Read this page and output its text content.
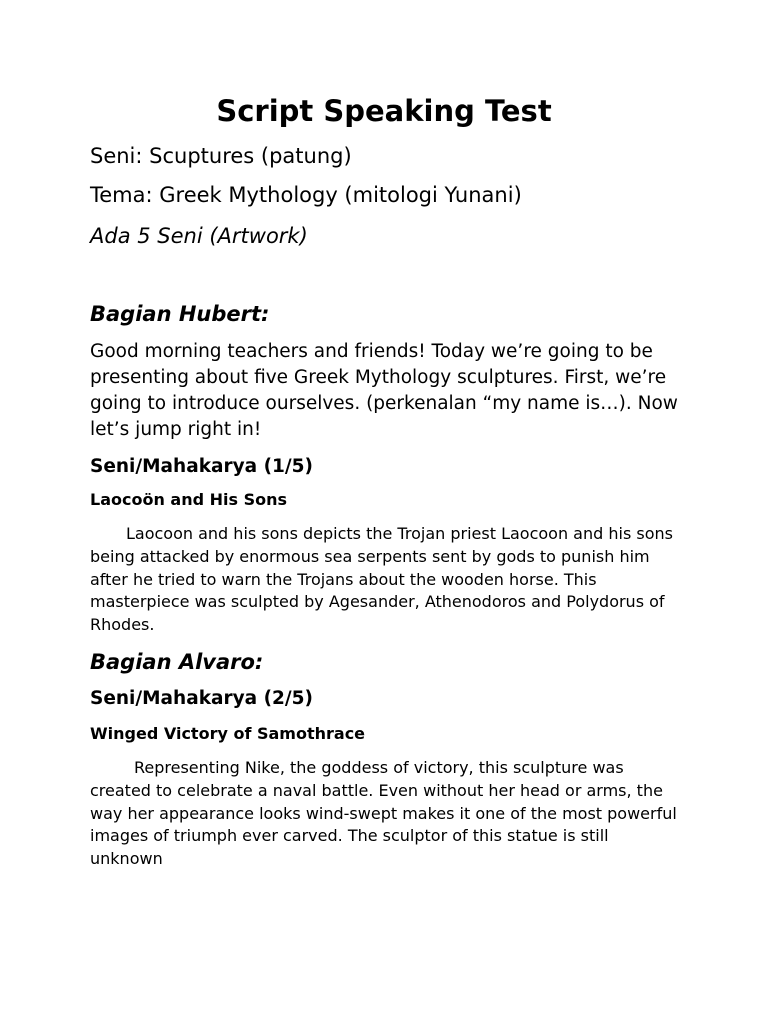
Script Speaking Test
Seni: Scuptures (patung)
Tema: Greek Mythology (mitologi Yunani)
Ada 5 Seni (Artwork)
Bagian Hubert:

Good morning teachers and friends! Today we’re going to be presenting about five Greek Mythology sculptures. First, we’re going to introduce ourselves. (perkenalan “my name is…). Now let’s jump right in!

Seni/Mahakarya (1/5)
Laocoön and His Sons

Laocoon and his sons depicts the Trojan priest Laocoon and his sons being attacked by enormous sea serpents sent by gods to punish him after he tried to warn the Trojans about the wooden horse. This masterpiece was sculpted by Agesander, Athenodoros and Polydorus of Rhodes.

Bagian Alvaro:
Seni/Mahakarya (2/5)
Winged Victory of Samothrace

Representing Nike, the goddess of victory, this sculpture was created to celebrate a naval battle. Even without her head or arms, the way her appearance looks wind-swept makes it one of the most powerful images of triumph ever carved. The sculptor of this statue is still unknown
